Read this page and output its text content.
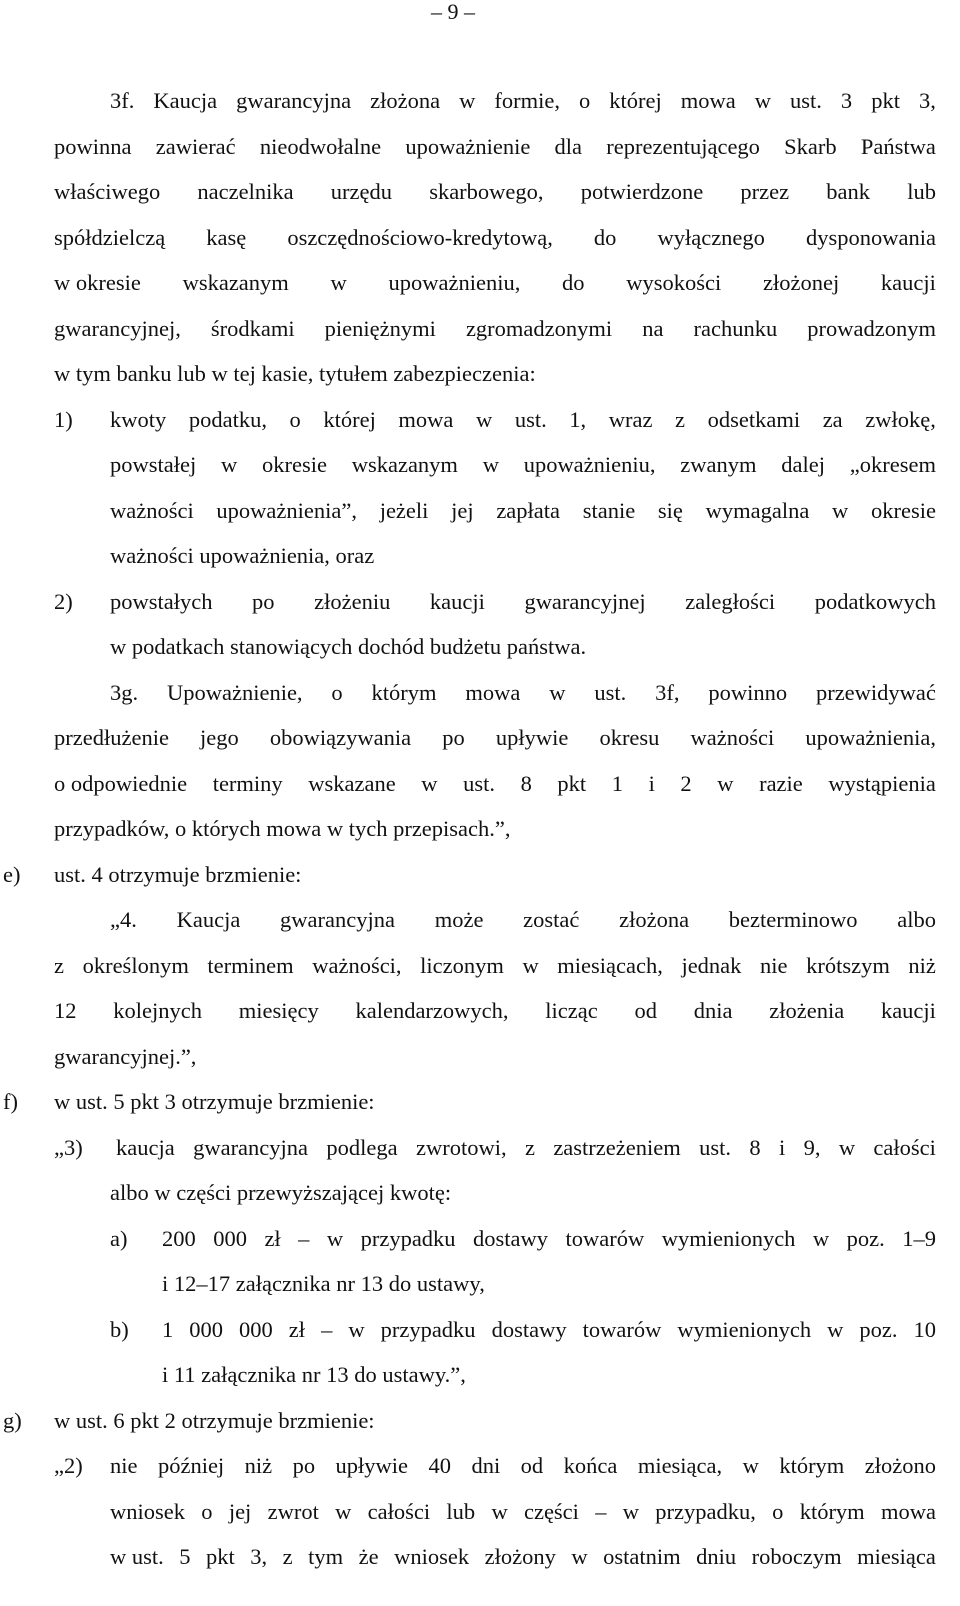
– 9 –
3f. Kaucja gwarancyjna złożona w formie, o której mowa w ust. 3 pkt 3,
powinna zawierać nieodwołalne upoważnienie dla reprezentującego Skarb Państwa
właściwego naczelnika urzędu skarbowego, potwierdzone przez bank lub
spółdzielczą kasę oszczędnościowo-kredytową, do wyłącznego dysponowania
w okresie wskazanym w upoważnieniu, do wysokości złożonej kaucji
gwarancyjnej, środkami pieniężnymi zgromadzonymi na rachunku prowadzonym
w tym banku lub w tej kasie, tytułem zabezpieczenia:
1) kwoty podatku, o której mowa w ust. 1, wraz z odsetkami za zwłokę,
powstałej w okresie wskazanym w upoważnieniu, zwanym dalej „okresem
ważności upoważnienia”, jeżeli jej zapłata stanie się wymagalna w okresie
ważności upoważnienia, oraz
2) powstałych po złożeniu kaucji gwarancyjnej zaległości podatkowych
w podatkach stanowiących dochód budżetu państwa.
3g. Upoważnienie, o którym mowa w ust. 3f, powinno przewidywać
przedłużenie jego obowiązywania po upływie okresu ważności upoważnienia,
o odpowiednie terminy wskazane w ust. 8 pkt 1 i 2 w razie wystąpienia
przypadków, o których mowa w tych przepisach.”,
e) ust. 4 otrzymuje brzmienie:
„4. Kaucja gwarancyjna może zostać złożona bezterminowo albo
z określonym terminem ważności, liczonym w miesiącach, jednak nie krótszym niż
12 kolejnych miesięcy kalendarzowych, licząc od dnia złożenia kaucji
gwarancyjnej.”,
f) w ust. 5 pkt 3 otrzymuje brzmienie:
„3) kaucja gwarancyjna podlega zwrotowi, z zastrzeżeniem ust. 8 i 9, w całości
albo w części przewyższającej kwotę:
a) 200 000 zł – w przypadku dostawy towarów wymienionych w poz. 1–9
i 12–17 załącznika nr 13 do ustawy,
b) 1 000 000 zł – w przypadku dostawy towarów wymienionych w poz. 10
i 11 załącznika nr 13 do ustawy.”,
g) w ust. 6 pkt 2 otrzymuje brzmienie:
„2) nie później niż po upływie 40 dni od końca miesiąca, w którym złożono
wniosek o jej zwrot w całości lub w części – w przypadku, o którym mowa
w ust. 5 pkt 3, z tym że wniosek złożony w ostatnim dniu roboczym miesiąca
